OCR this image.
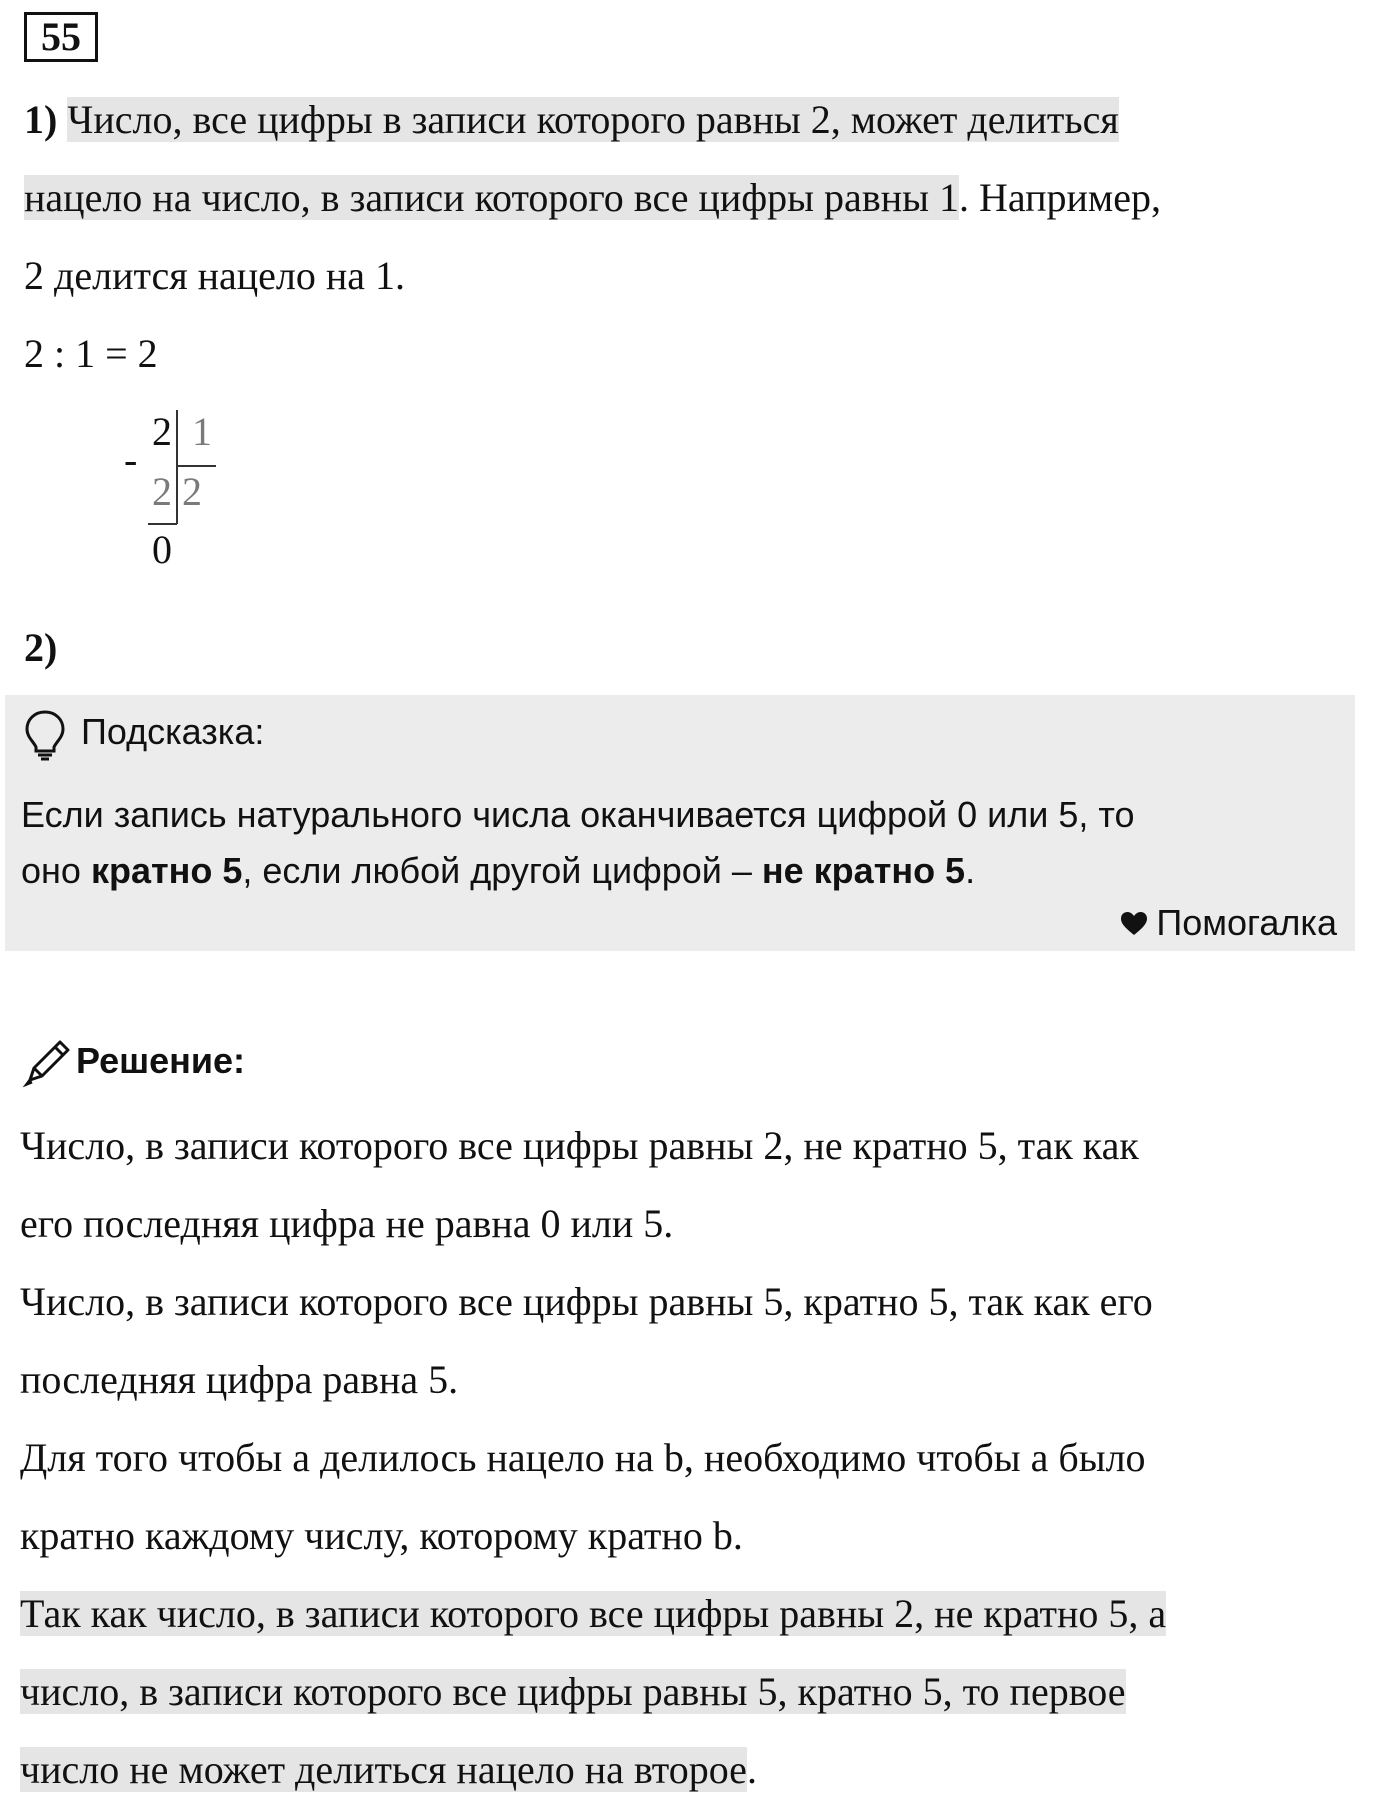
55
1) Число, все цифры в записи которого равны 2, может делиться
нацело на число, в записи которого все цифры равны 1. Например,
2 делится нацело на 1.
2 : 1 = 2
-
2 1
2 2
0
2)
Подсказка:
Если запись натурального числа оканчивается цифрой 0 или 5, то
оно кратно 5, если любой другой цифрой – не кратно 5.
Помогалка
Решение:
Число, в записи которого все цифры равны 2, не кратно 5, так как
его последняя цифра не равна 0 или 5.
Число, в записи которого все цифры равны 5, кратно 5, так как его
последняя цифра равна 5.
Для того чтобы a делилось нацело на b, необходимо чтобы a было
кратно каждому числу, которому кратно b.
Так как число, в записи которого все цифры равны 2, не кратно 5, а
число, в записи которого все цифры равны 5, кратно 5, то первое
число не может делиться нацело на второе.
